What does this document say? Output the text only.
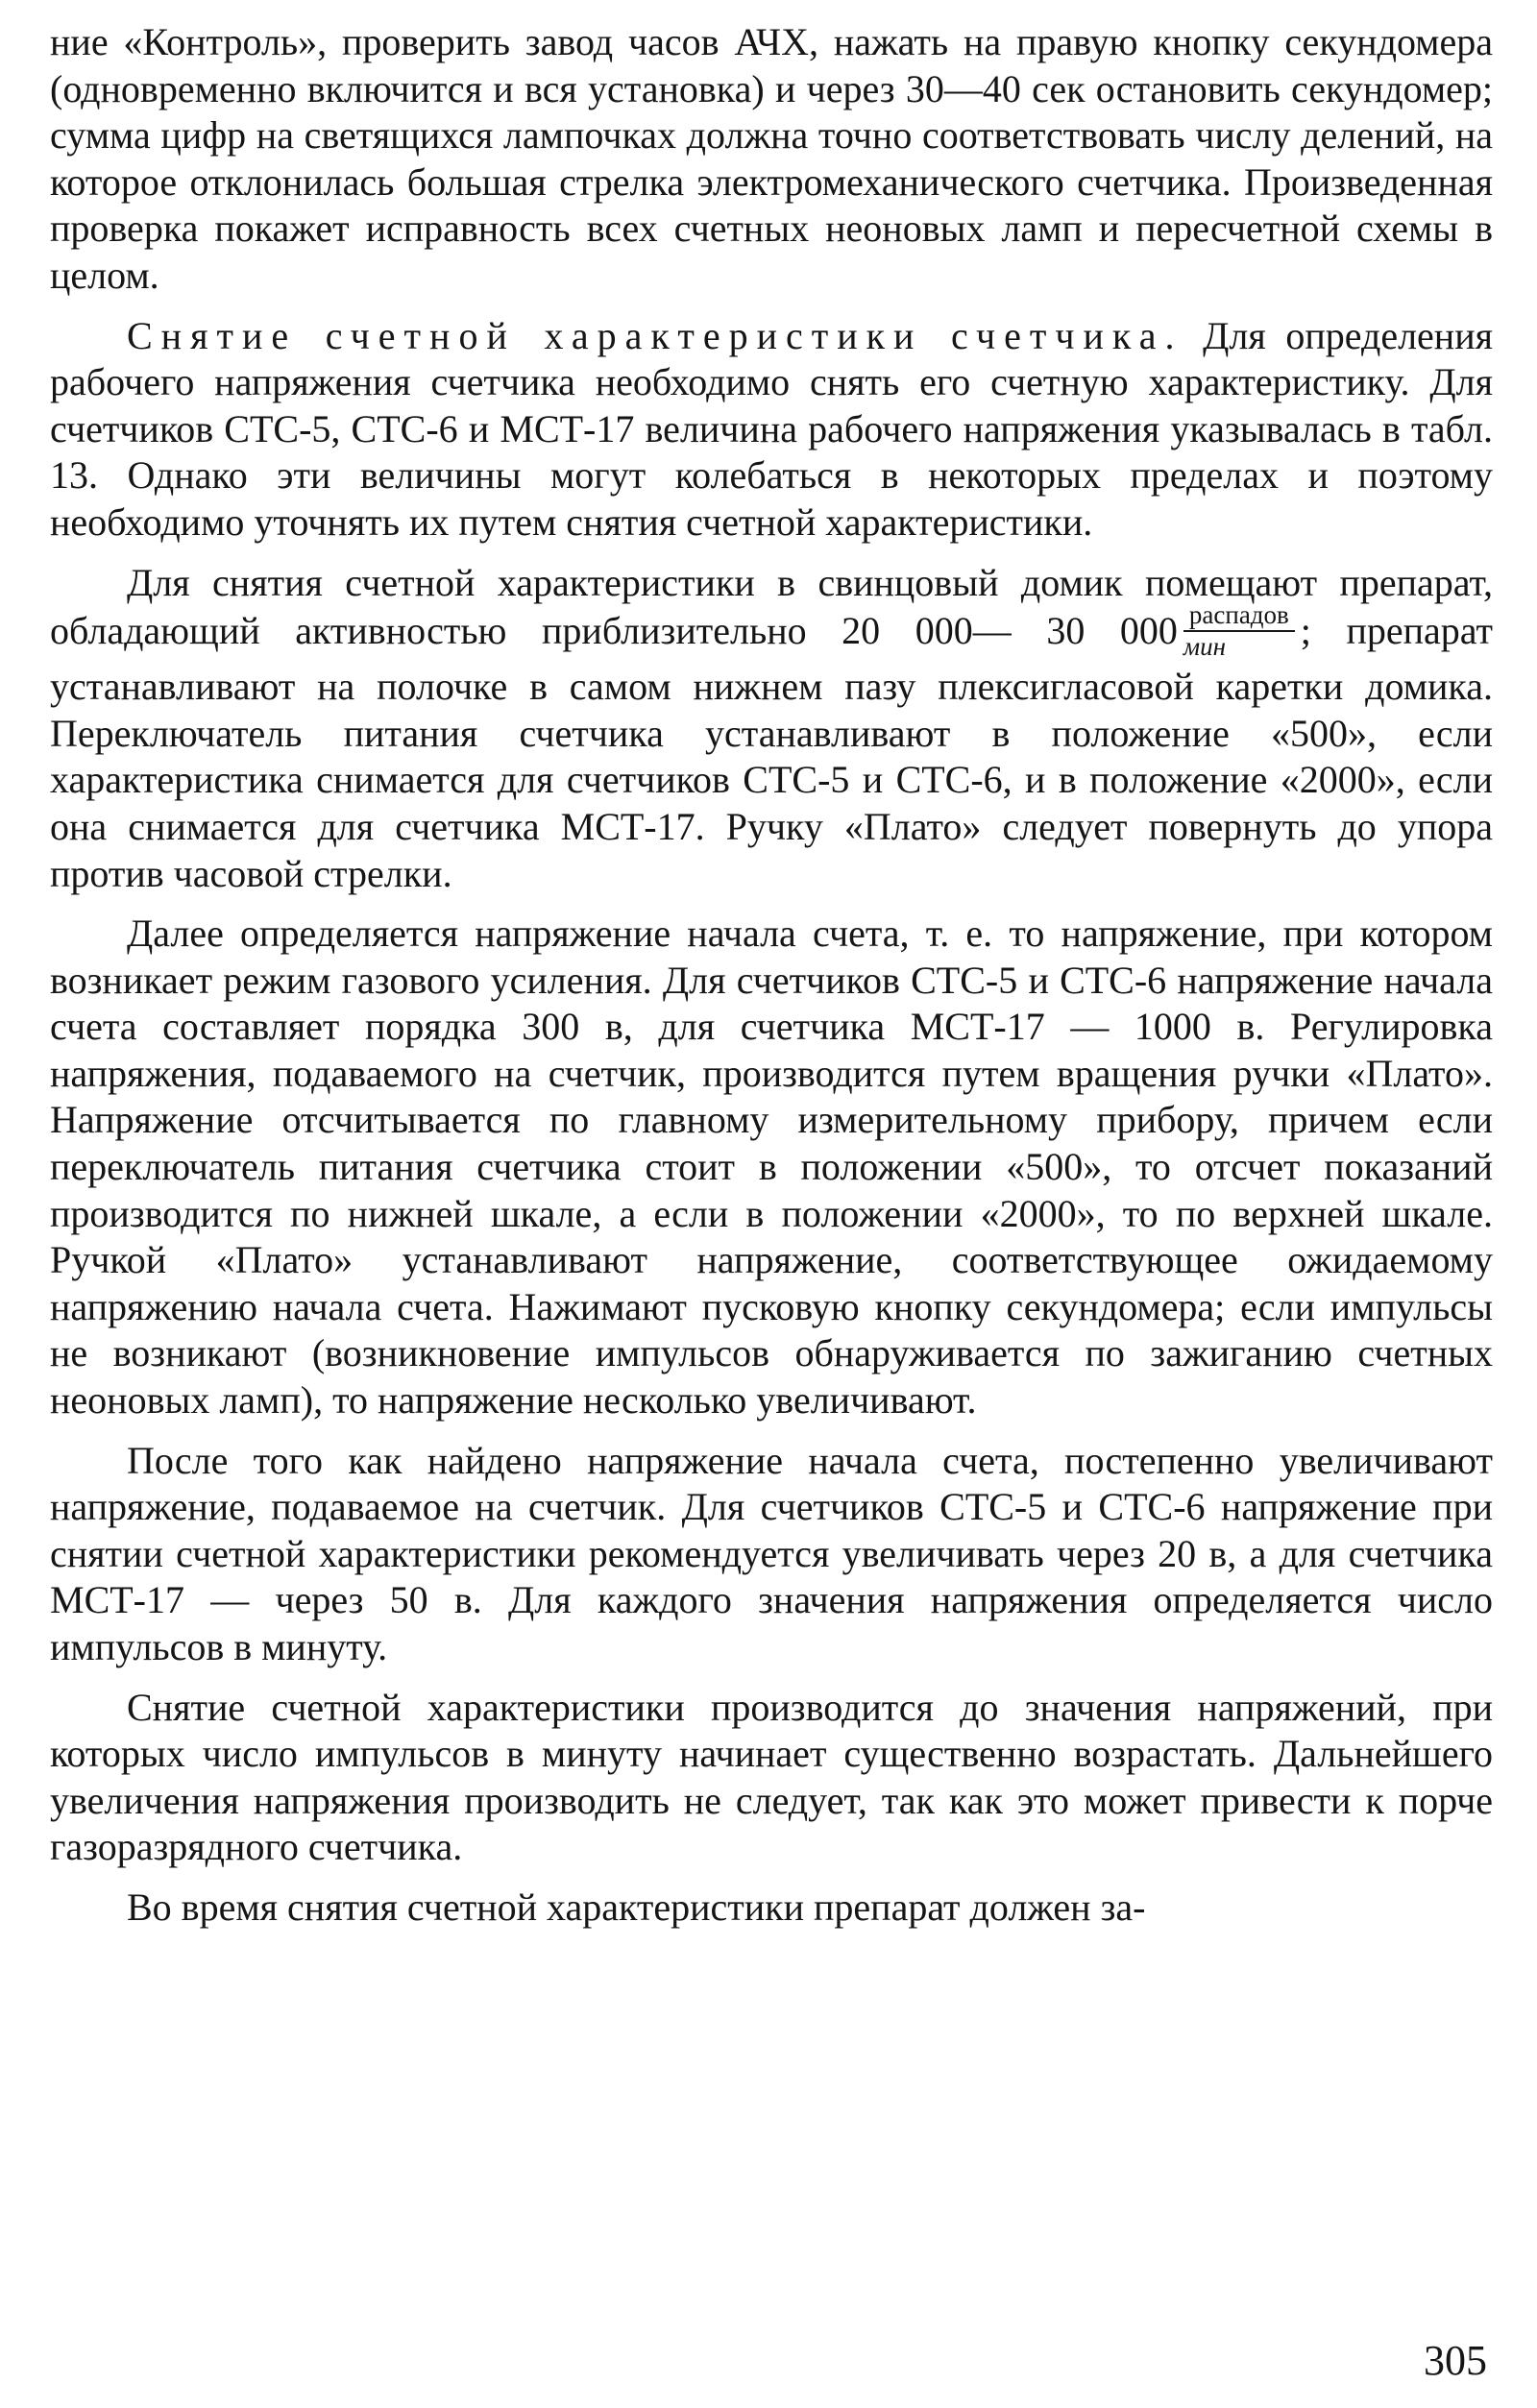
ние «Контроль», проверить завод часов АЧХ, нажать на правую кнопку секундомера (одновременно включится и вся установка) и через 30—40 сек остановить секундомер; сумма цифр на светящихся лампочках должна точно соответствовать числу делений, на которое отклонилась большая стрелка электромеханического счетчика. Произведенная проверка покажет исправность всех счетных неоновых ламп и пересчетной схемы в целом.

Снятие счетной характеристики счетчика. Для определения рабочего напряжения счетчика необходимо снять его счетную характеристику. Для счетчиков СТС-5, СТС-6 и МСТ-17 величина рабочего напряжения указывалась в табл. 13. Однако эти величины могут колебаться в некоторых пределах и поэтому необходимо уточнять их путем снятия счетной характеристики.

Для снятия счетной характеристики в свинцовый домик помещают препарат, обладающий активностью приблизительно 20 000— 30 $000 \frac{\text{распадов}}{\text{мин}}$ ; препарат устанавливают на полочке в самом нижнем пазу плексигласовой каретки домика. Переключатель питания счетчика устанавливают в положение «500», если характеристика снимается для счетчиков СТС-5 и СТС-6, и в положение «2000», если она снимается для счетчика МСТ-17. Ручку «Плато» следует повернуть до упора против часовой стрелки.

Далее определяется напряжение начала счета, т. е. то напряжение, при котором возникает режим газового усиления. Для счетчиков СТС-5 и СТС-6 напряжение начала счета составляет порядка 300 в, для счетчика МСТ-17 — 1000 в. Регулировка напряжения, подаваемого на счетчик, производится путем вращения ручки «Плато». Напряжение отсчитывается по главному измерительному прибору, причем если переключатель питания счетчика стоит в положении «500», то отсчет показаний производится по нижней шкале, а если в положении «2000», то по верхней шкале. Ручкой «Плато» устанавливают напряжение, соответствующее ожидаемому напряжению начала счета. Нажимают пусковую кнопку секундомера; если импульсы не возникают (возникновение импульсов обнаруживается по зажиганию счетных неоновых ламп), то напряжение несколько увеличивают.

После того как найдено напряжение начала счета, постепенно увеличивают напряжение, подаваемое на счетчик. Для счетчиков СТС-5 и СТС-6 напряжение при снятии счетной характеристики рекомендуется увеличивать через 20 в, а для счетчика МСТ-17 — через 50 в. Для каждого значения напряжения определяется число импульсов в минуту.

Снятие счетной характеристики производится до значения напряжений, при которых число импульсов в минуту начинает существенно возрастать. Дальнейшего увеличения напряжения производить не следует, так как это может привести к порче газоразрядного счетчика.

Во время снятия счетной характеристики препарат должен за-

305
